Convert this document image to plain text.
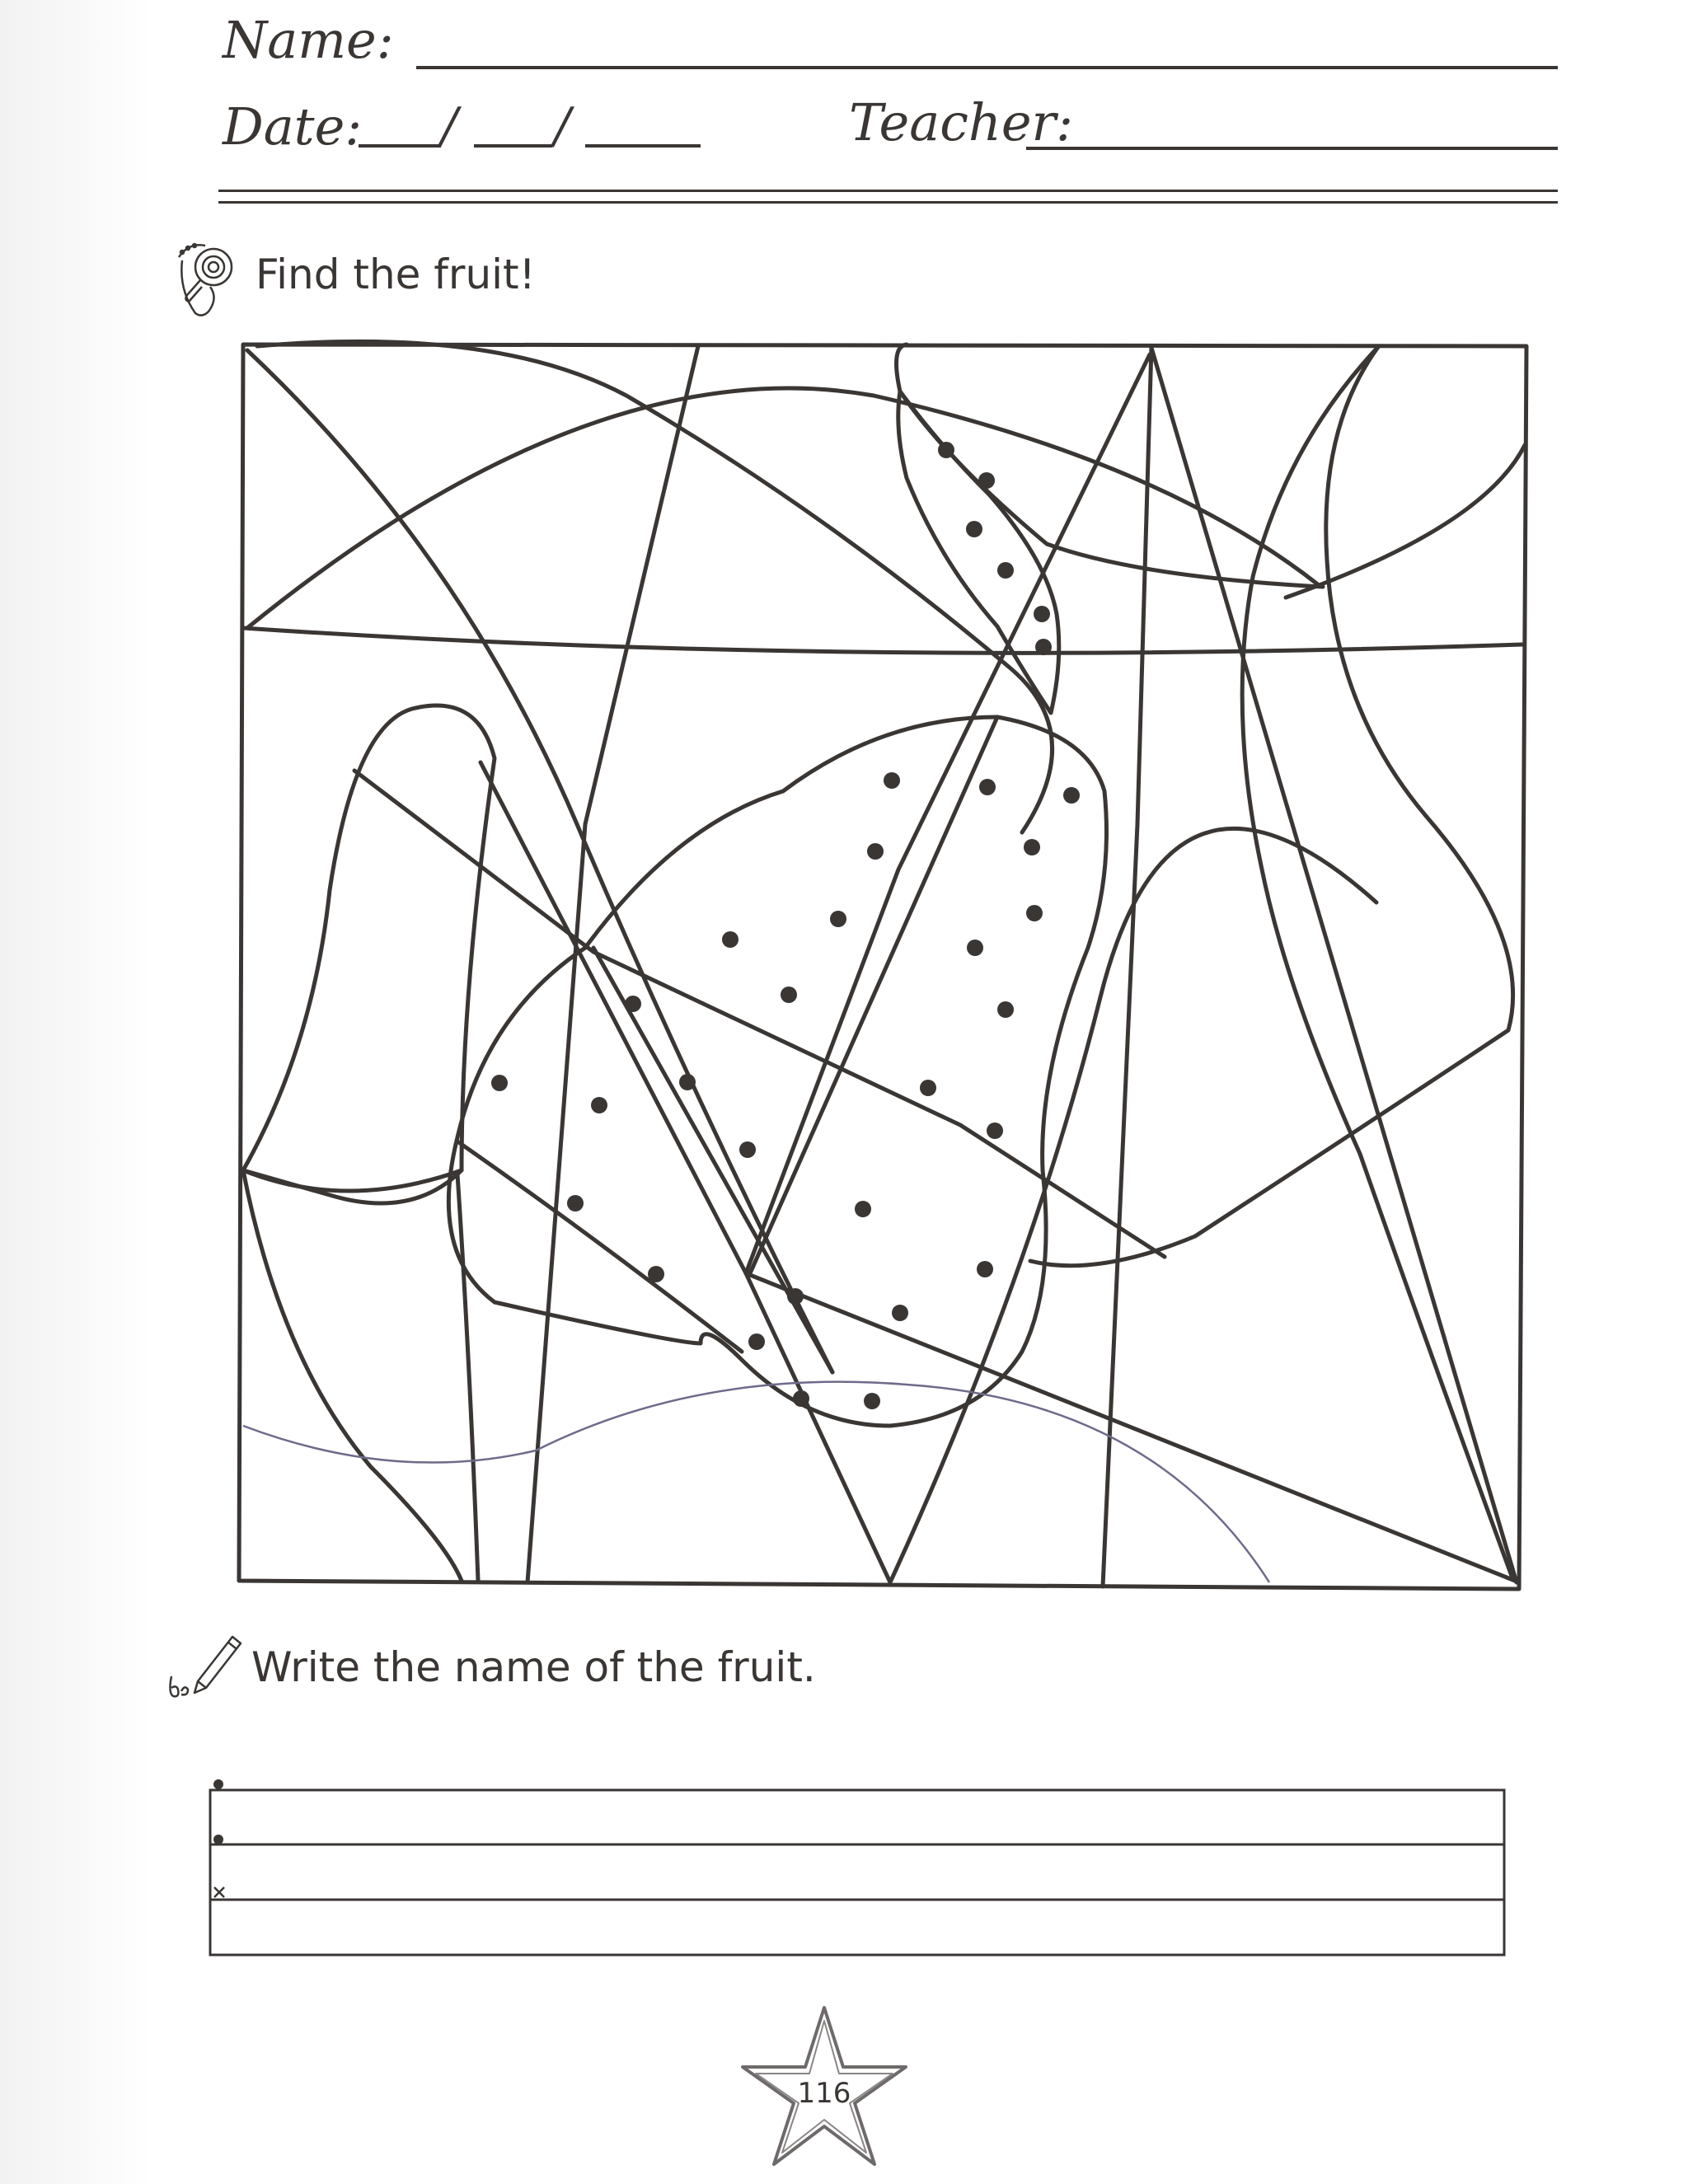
Name:
Date: / /	Teacher:
Find the fruit!
Write the name of the fruit.
116
